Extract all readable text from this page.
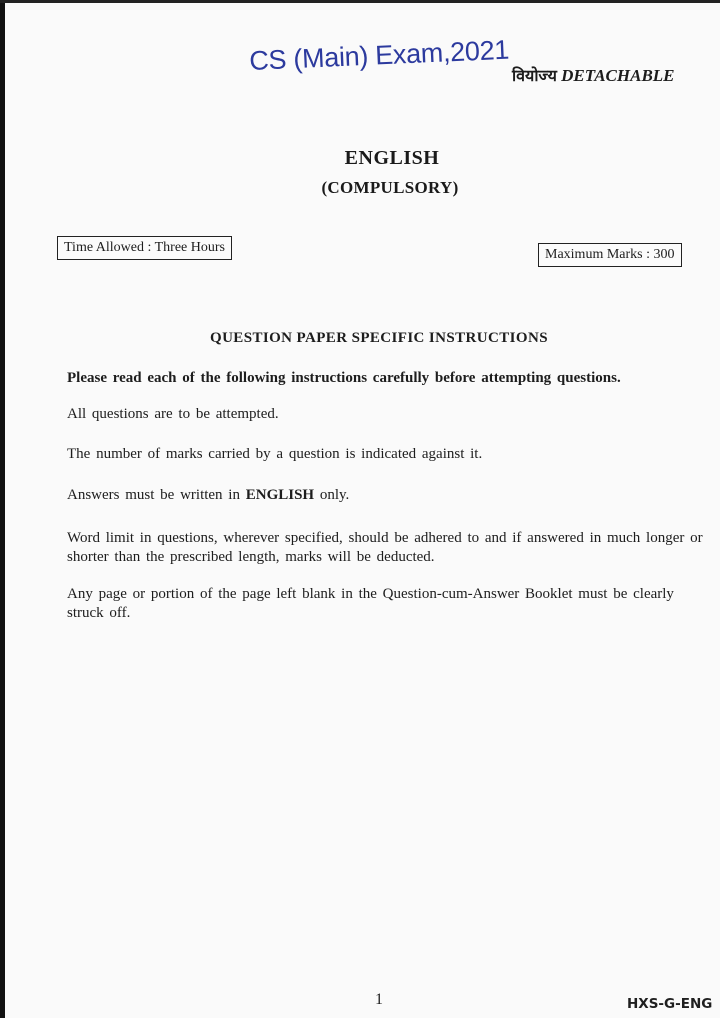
CS (Main) Exam,2021 वियोज्य DETACHABLE
ENGLISH
(COMPULSORY)
Time Allowed : Three Hours	Maximum Marks : 300
QUESTION PAPER SPECIFIC INSTRUCTIONS
Please read each of the following instructions carefully before attempting questions.
All questions are to be attempted.
The number of marks carried by a question is indicated against it.
Answers must be written in ENGLISH only.
Word limit in questions, wherever specified, should be adhered to and if answered in much longer or shorter than the prescribed length, marks will be deducted.
Any page or portion of the page left blank in the Question-cum-Answer Booklet must be clearly struck off.
1	HXS-G-ENG
